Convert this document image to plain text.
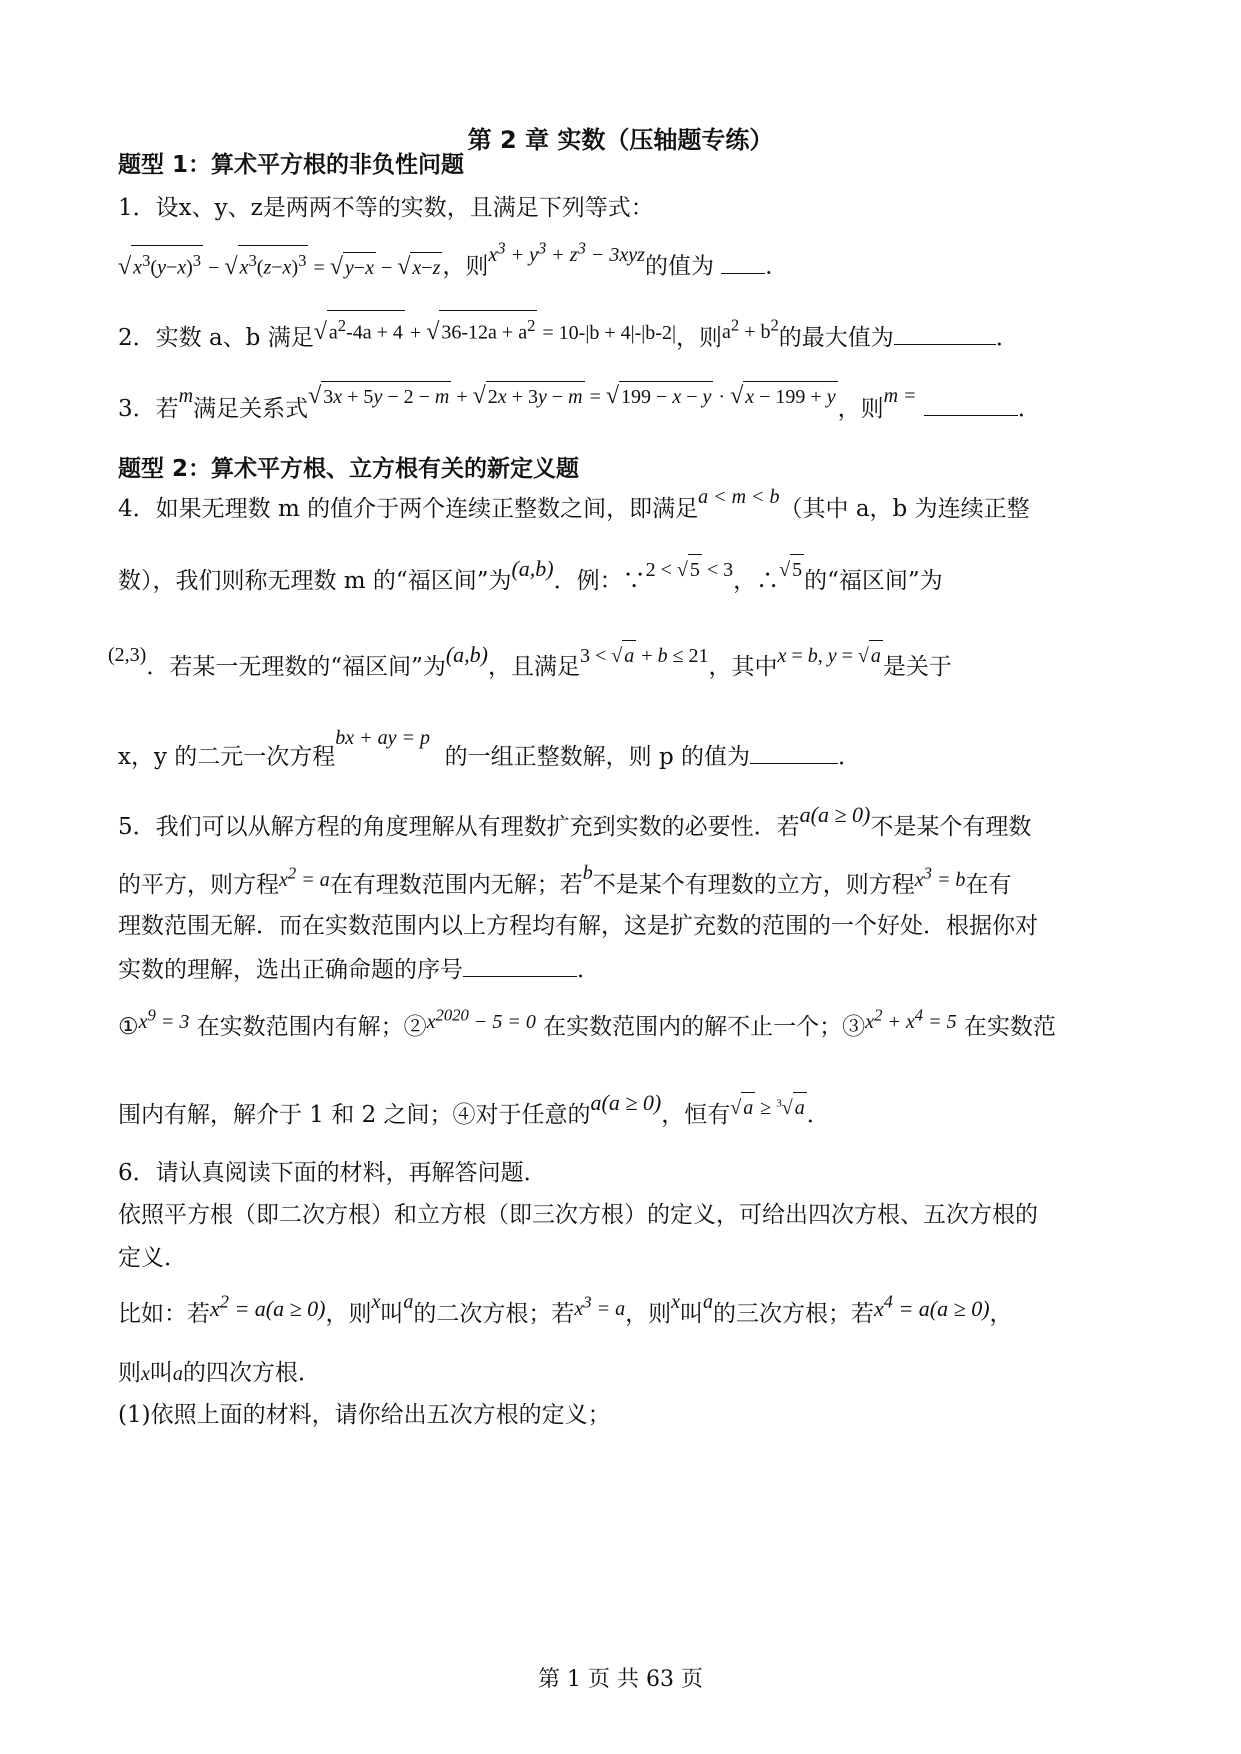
第 2 章 实数（压轴题专练）
题型 1：算术平方根的非负性问题
1．设x、y、z是两两不等的实数，且满足下列等式：
√ $x^3(y-x)^3$ − √ $x^3(z-x)^3$ = √ y−x − √ x−z，则$x^3 + y^3 + z^3 - 3xyz$的值为 ．
2．实数 a、b 满足√ $a^2-4a + 4$ + √ $36-12a + a^2 = 10-|b + 4|-|b-2|$，则$a^2 + b^2$的最大值为	．
3．若m满足关系式√ 3x + 5y − 2 − m + √ 2x + 3y − m = √ 199 − x − y · √ x − 199 + y，则m =	．
题型 2：算术平方根、立方根有关的新定义题
4．如果无理数 m 的值介于两个连续正整数之间，即满足a < m < b（其中 a，b 为连续正整
数），我们则称无理数 m 的“福区间”为(a,b)．例：∵2 < √ 5 < 3，∴√ 5的“福区间”为
(2,3)．若某一无理数的“福区间”为(a,b)，且满足3 < √ a + b ≤ 21，其中x = b, y = √ a是关于
x，y 的二元一次方程bx + ay = p  的一组正整数解，则 p 的值为	．
5．我们可以从解方程的角度理解从有理数扩充到实数的必要性．若a(a ≥ 0)不是某个有理数
的平方，则方程$x^2 = a$在有理数范围内无解；若b不是某个有理数的立方，则方程$x^3 = b$在有
理数范围无解．而在实数范围内以上方程均有解，这是扩充数的范围的一个好处．根据你对
实数的理解，选出正确命题的序号	．
$①x^9 = 3$ 在实数范围内有解；$②x^{2020} - 5 = 0$ 在实数范围内的解不止一个；$③x^2 + x^4 = 5$ 在实数范
围内有解，解介于 1 和 2 之间；④对于任意的a(a ≥ 0)，恒有√ a ≥ $^3$√ a．
6．请认真阅读下面的材料，再解答问题．
依照平方根（即二次方根）和立方根（即三次方根）的定义，可给出四次方根、五次方根的
定义．
比如：若$x^2 = a(a \ge 0)$，则x叫a的二次方根；若$x^3 = a$，则x叫a的三次方根；若$x^4 = a(a \ge 0)$，
则x叫a的四次方根．
(1)依照上面的材料，请你给出五次方根的定义；
第 1 页 共 63 页
